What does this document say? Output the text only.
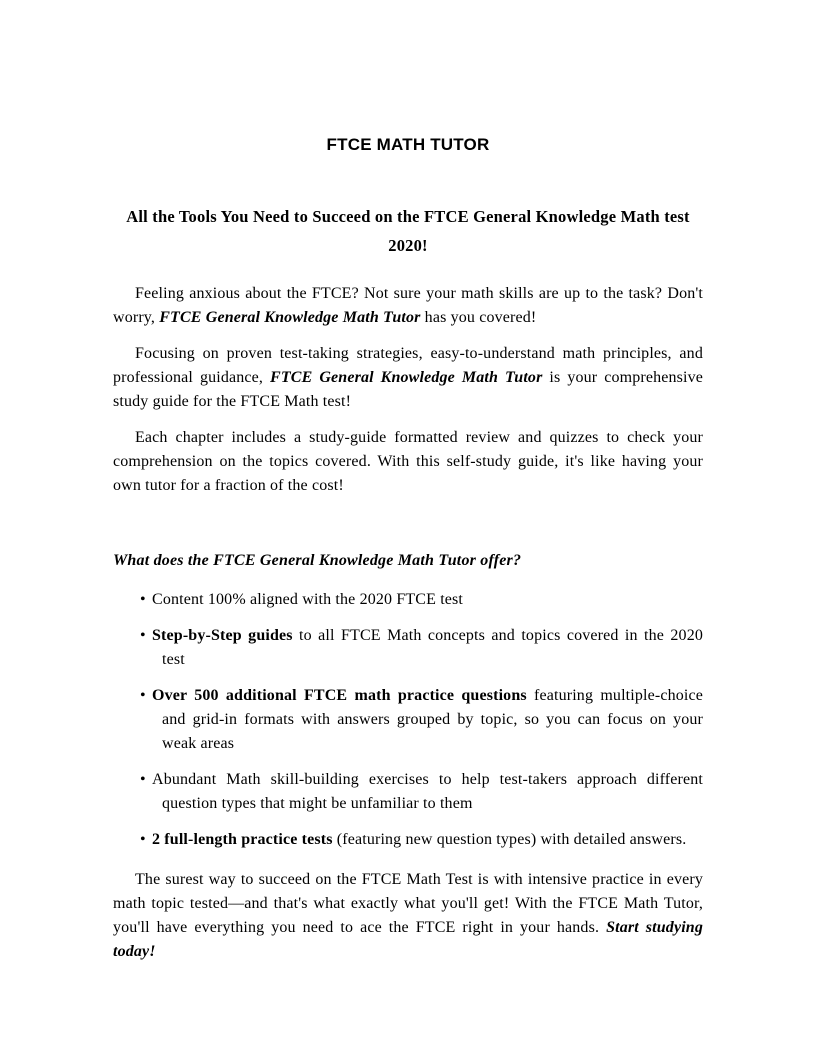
FTCE MATH TUTOR
All the Tools You Need to Succeed on the FTCE General Knowledge Math test 2020!

Feeling anxious about the FTCE? Not sure your math skills are up to the task? Don't worry, FTCE General Knowledge Math Tutor has you covered!

Focusing on proven test-taking strategies, easy-to-understand math principles, and professional guidance, FTCE General Knowledge Math Tutor is your comprehensive study guide for the FTCE Math test!

Each chapter includes a study-guide formatted review and quizzes to check your comprehension on the topics covered. With this self-study guide, it's like having your own tutor for a fraction of the cost!

What does the FTCE General Knowledge Math Tutor offer?
• Content 100% aligned with the 2020 FTCE test
• Step-by-Step guides to all FTCE Math concepts and topics covered in the 2020 test
• Over 500 additional FTCE math practice questions featuring multiple-choice and grid-in formats with answers grouped by topic, so you can focus on your weak areas
• Abundant Math skill-building exercises to help test-takers approach different question types that might be unfamiliar to them
• 2 full-length practice tests (featuring new question types) with detailed answers.

The surest way to succeed on the FTCE Math Test is with intensive practice in every math topic tested—and that's what exactly what you'll get! With the FTCE Math Tutor, you'll have everything you need to ace the FTCE right in your hands. Start studying today!
